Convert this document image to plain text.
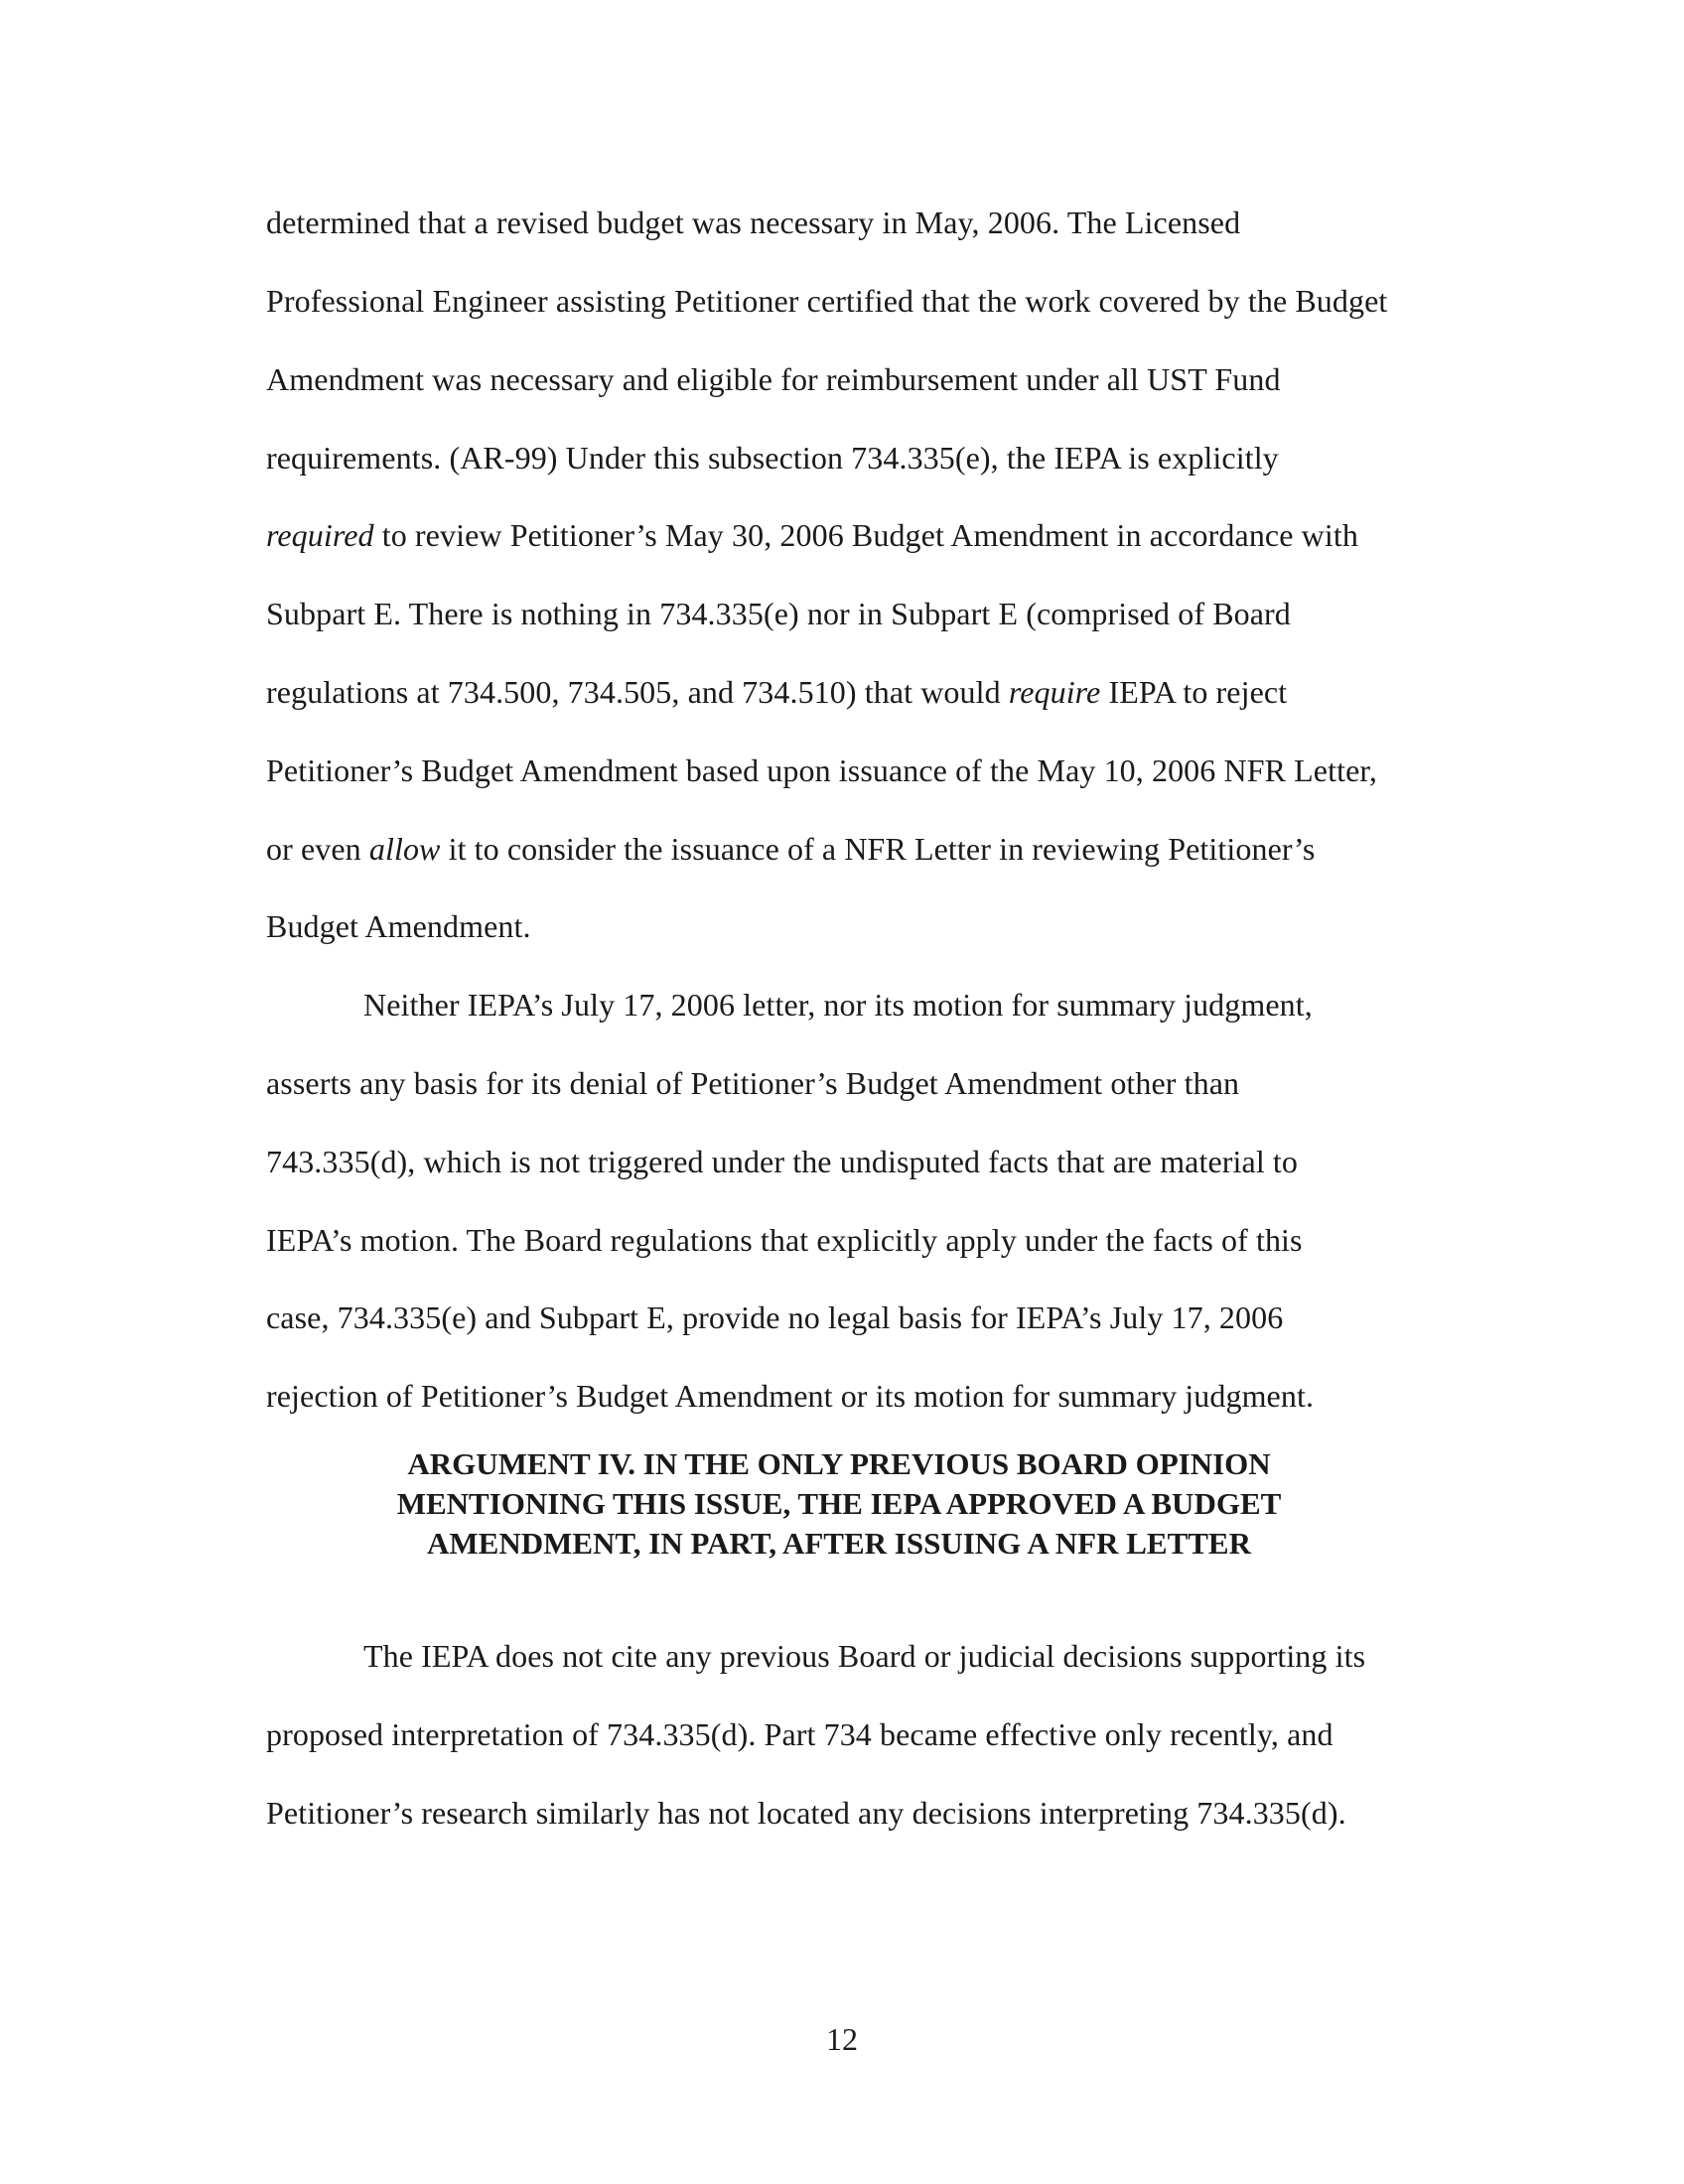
determined that a revised budget was necessary in May, 2006. The Licensed
Professional Engineer assisting Petitioner certified that the work covered by the Budget
Amendment was necessary and eligible for reimbursement under all UST Fund
requirements. (AR-99) Under this subsection 734.335(e), the IEPA is explicitly
required to review Petitioner’s May 30, 2006 Budget Amendment in accordance with
Subpart E. There is nothing in 734.335(e) nor in Subpart E (comprised of Board
regulations at 734.500, 734.505, and 734.510) that would require IEPA to reject
Petitioner’s Budget Amendment based upon issuance of the May 10, 2006 NFR Letter,
or even allow it to consider the issuance of a NFR Letter in reviewing Petitioner’s
Budget Amendment.
Neither IEPA’s July 17, 2006 letter, nor its motion for summary judgment,
asserts any basis for its denial of Petitioner’s Budget Amendment other than
743.335(d), which is not triggered under the undisputed facts that are material to
IEPA’s motion. The Board regulations that explicitly apply under the facts of this
case, 734.335(e) and Subpart E, provide no legal basis for IEPA’s July 17, 2006
rejection of Petitioner’s Budget Amendment or its motion for summary judgment.
ARGUMENT IV. IN THE ONLY PREVIOUS BOARD OPINION
MENTIONING THIS ISSUE, THE IEPA APPROVED A BUDGET
AMENDMENT, IN PART, AFTER ISSUING A NFR LETTER
The IEPA does not cite any previous Board or judicial decisions supporting its
proposed interpretation of 734.335(d). Part 734 became effective only recently, and
Petitioner’s research similarly has not located any decisions interpreting 734.335(d).
12
